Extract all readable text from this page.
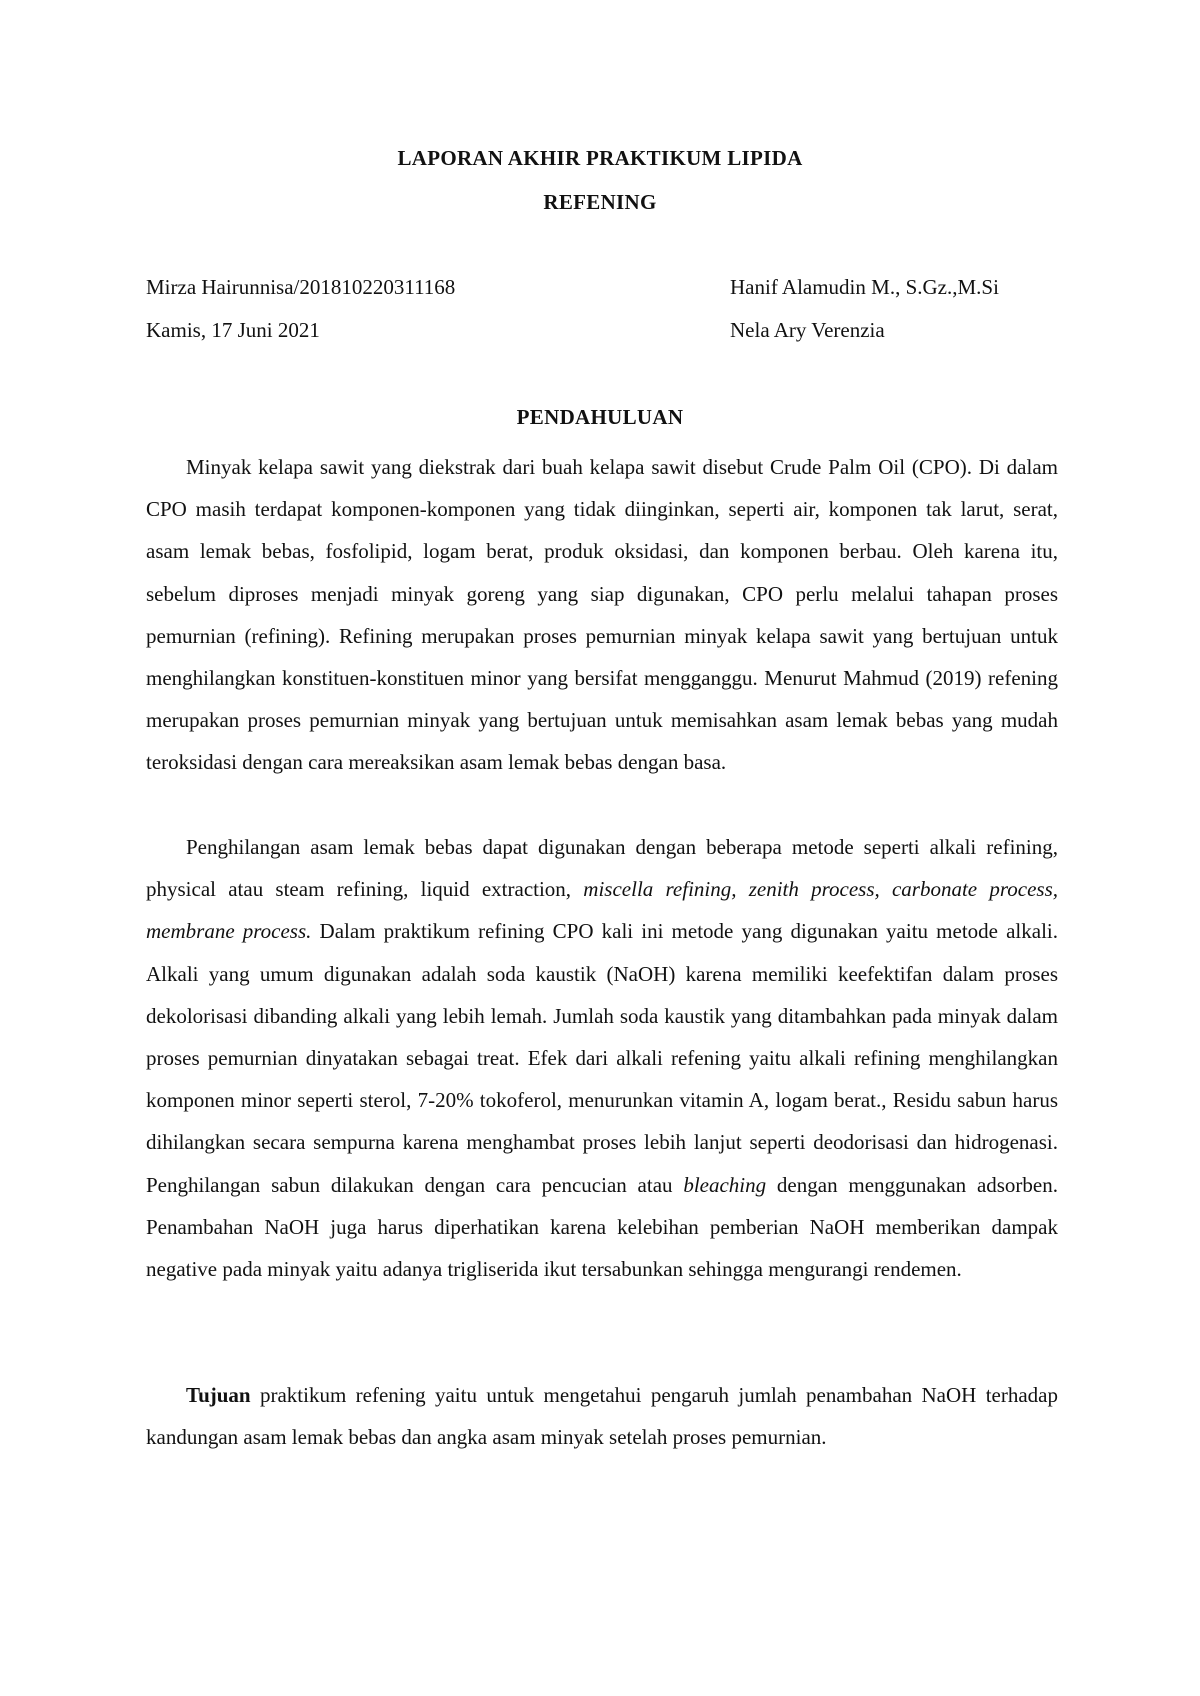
LAPORAN AKHIR PRAKTIKUM LIPIDA
REFENING
Mirza Hairunnisa/201810220311168
Kamis, 17 Juni 2021
Hanif Alamudin M., S.Gz.,M.Si
Nela Ary Verenzia
PENDAHULUAN

Minyak kelapa sawit yang diekstrak dari buah kelapa sawit disebut Crude Palm Oil (CPO). Di dalam CPO masih terdapat komponen-komponen yang tidak diinginkan, seperti air, komponen tak larut, serat, asam lemak bebas, fosfolipid, logam berat, produk oksidasi, dan komponen berbau. Oleh karena itu, sebelum diproses menjadi minyak goreng yang siap digunakan, CPO perlu melalui tahapan proses pemurnian (refining). Refining merupakan proses pemurnian minyak kelapa sawit yang bertujuan untuk menghilangkan konstituen-konstituen minor yang bersifat mengganggu. Menurut Mahmud (2019) refening merupakan proses pemurnian minyak yang bertujuan untuk memisahkan asam lemak bebas yang mudah teroksidasi dengan cara mereaksikan asam lemak bebas dengan basa.

Penghilangan asam lemak bebas dapat digunakan dengan beberapa metode seperti alkali refining, physical atau steam refining, liquid extraction, miscella refining, zenith process, carbonate process, membrane process. Dalam praktikum refining CPO kali ini metode yang digunakan yaitu metode alkali. Alkali yang umum digunakan adalah soda kaustik (NaOH) karena memiliki keefektifan dalam proses dekolorisasi dibanding alkali yang lebih lemah. Jumlah soda kaustik yang ditambahkan pada minyak dalam proses pemurnian dinyatakan sebagai treat. Efek dari alkali refening yaitu alkali refining menghilangkan komponen minor seperti sterol, 7-20% tokoferol, menurunkan vitamin A, logam berat., Residu sabun harus dihilangkan secara sempurna karena menghambat proses lebih lanjut seperti deodorisasi dan hidrogenasi. Penghilangan sabun dilakukan dengan cara pencucian atau bleaching dengan menggunakan adsorben. Penambahan NaOH juga harus diperhatikan karena kelebihan pemberian NaOH memberikan dampak negative pada minyak yaitu adanya trigliserida ikut tersabunkan sehingga mengurangi rendemen.

Tujuan praktikum refening yaitu untuk mengetahui pengaruh jumlah penambahan NaOH terhadap kandungan asam lemak bebas dan angka asam minyak setelah proses pemurnian.
